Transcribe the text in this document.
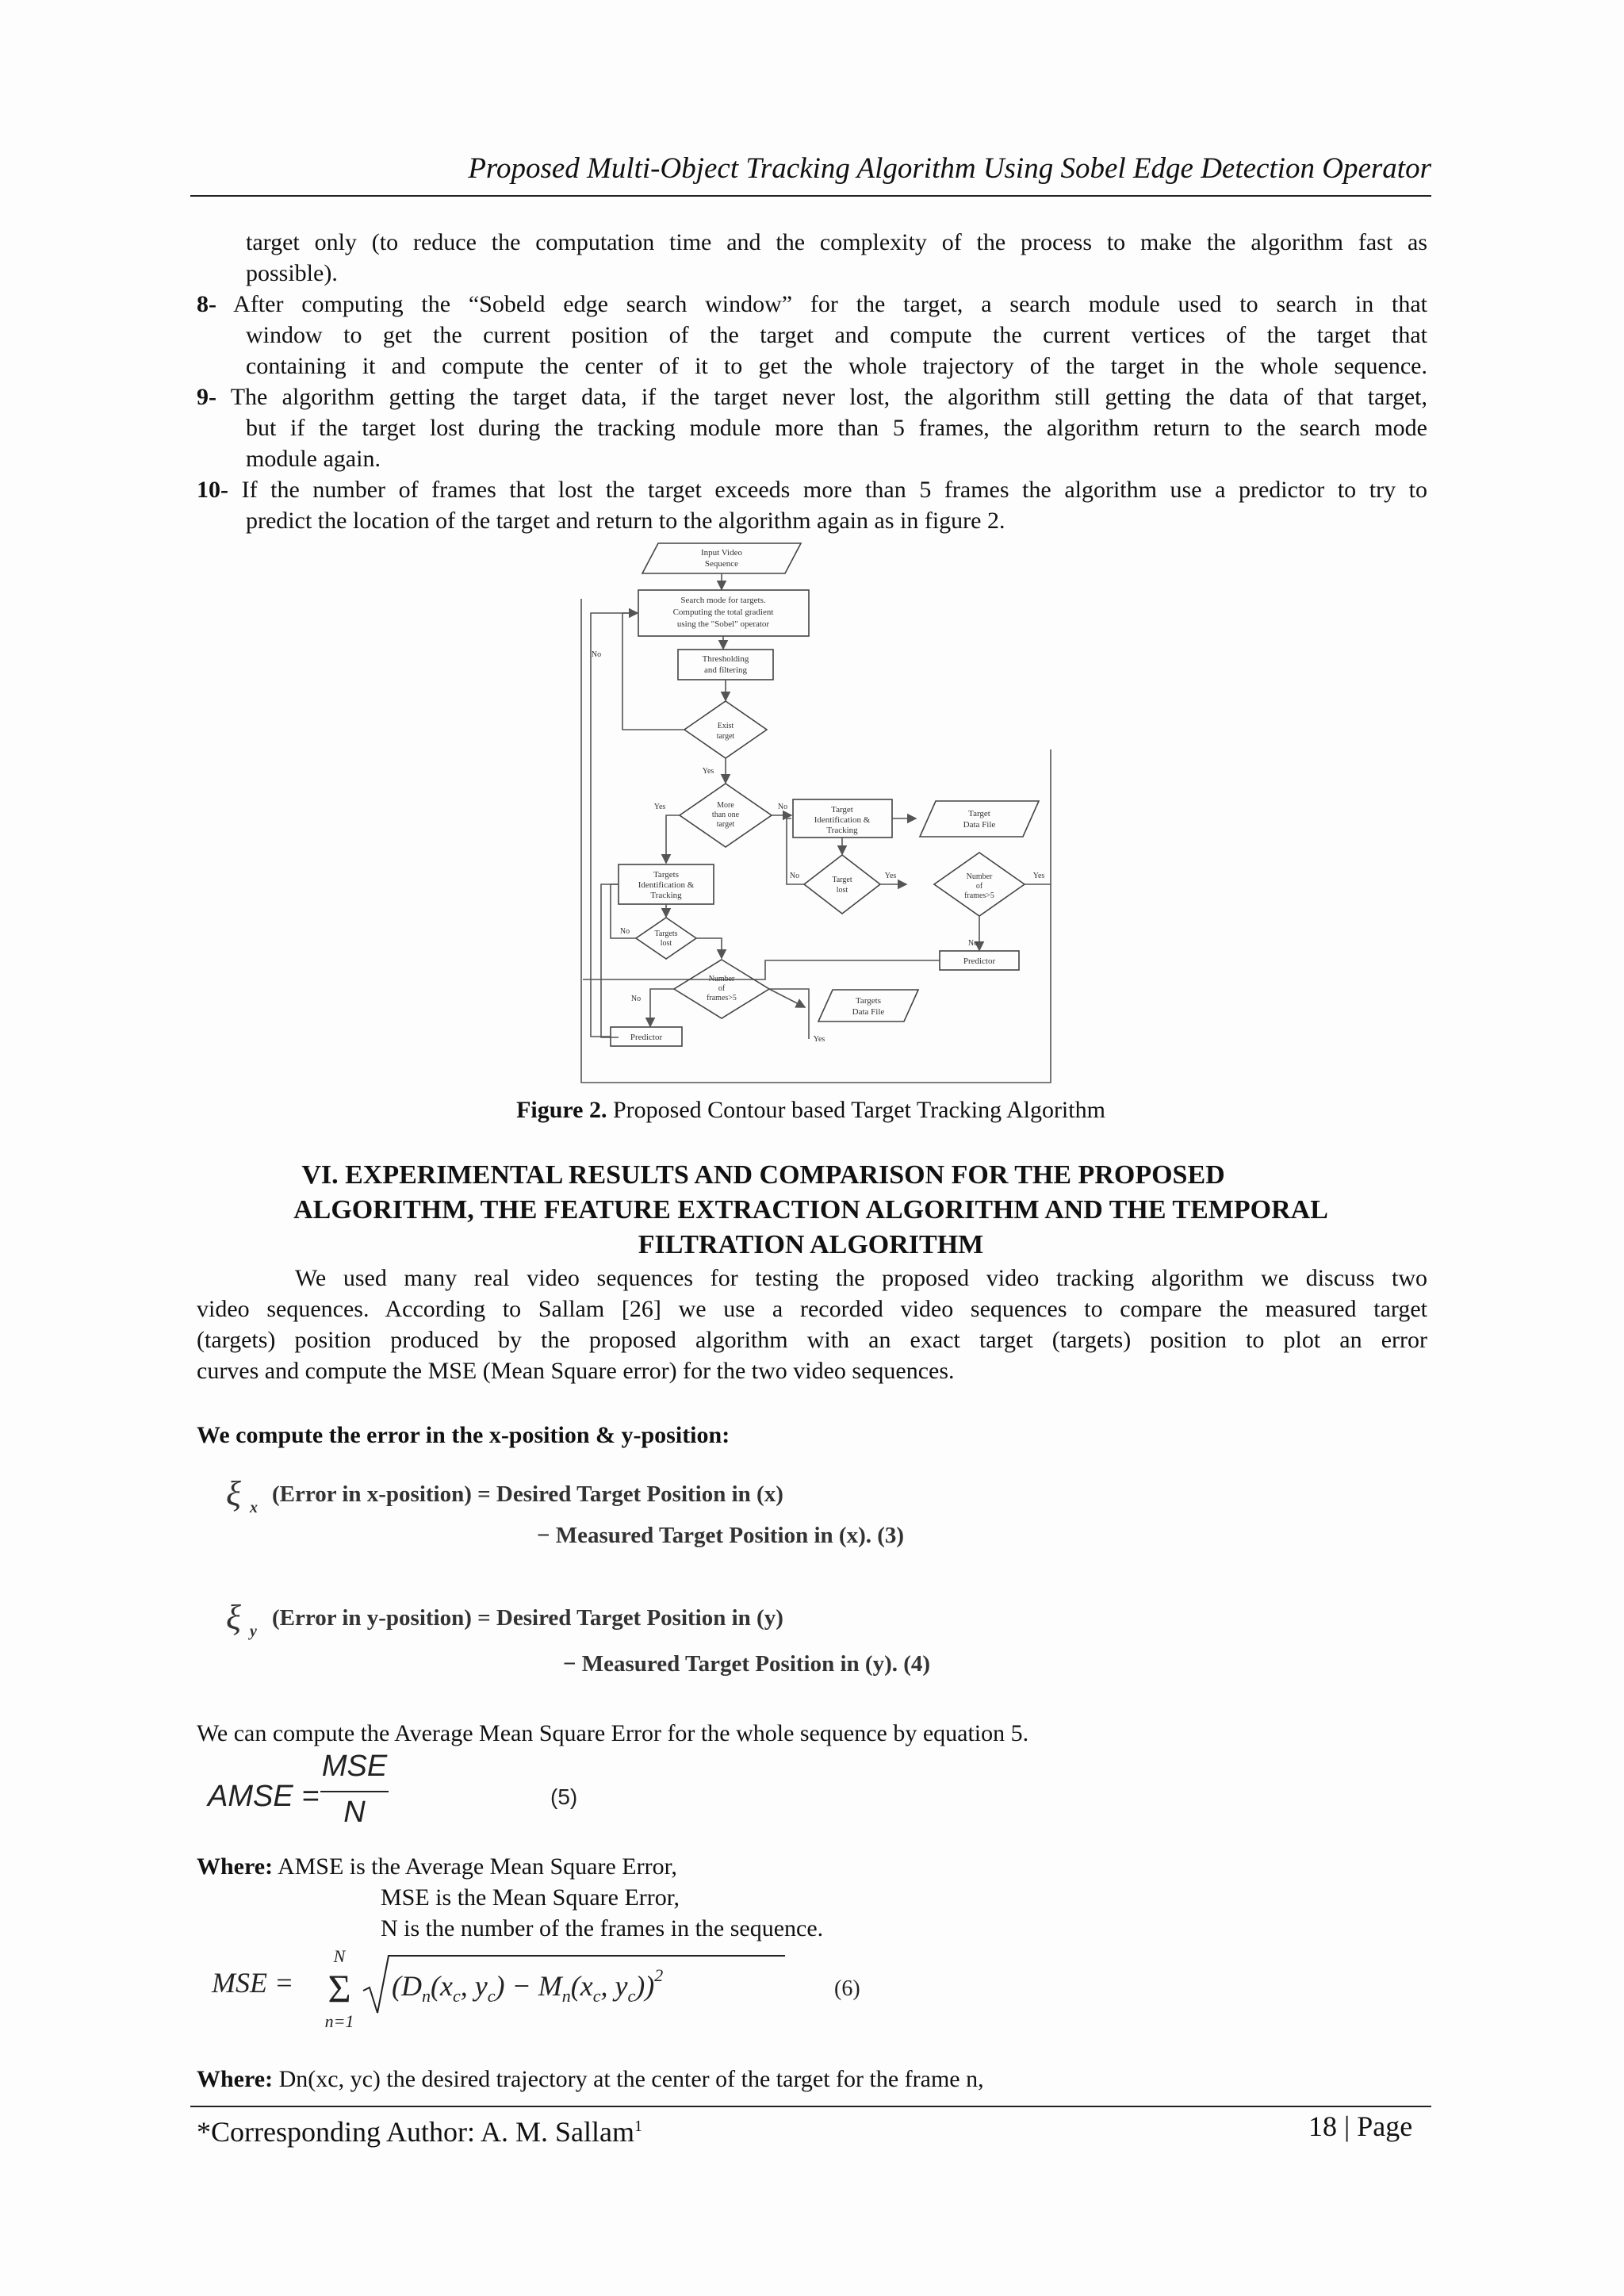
Proposed Multi-Object Tracking Algorithm Using Sobel Edge Detection Operator
target only (to reduce the computation time and the complexity of the process to make the algorithm fast as
possible).
8- After computing the “Sobeld edge search window” for the target, a search module used to search in that
window to get the current position of the target and compute the current vertices of the target that
containing it and compute the center of it to get the whole trajectory of the target in the whole sequence.
9- The algorithm getting the target data, if the target never lost, the algorithm still getting the data of that target,
but if the target lost during the tracking module more than 5 frames, the algorithm return to the search mode
module again.
10- If the number of frames that lost the target exceeds more than 5 frames the algorithm use a predictor to try to
predict the location of the target and return to the algorithm again as in figure 2.
Input Video
Sequence
Search mode for targets.
Computing the total gradient
using the "Sobel" operator
Thresholding
and filtering
Exist
target
No
Yes
More
than one
target
Yes	No	Target
Identification &
Tracking
Target
Data File
Target
lost
No	Yes	Number
of
frames>5
Yes
No
Predictor
Targets
Identification &
Tracking
Targets
lost
No
Number
of
frames>5
No
Yes
Targets
Data File
Predictor
Figure 2. Proposed Contour based Target Tracking Algorithm
VI. EXPERIMENTAL RESULTS AND COMPARISON FOR THE PROPOSED
ALGORITHM, THE FEATURE EXTRACTION ALGORITHM AND THE TEMPORAL
FILTRATION ALGORITHM
We used many real video sequences for testing the proposed video tracking algorithm we discuss two
video sequences. According to Sallam [26] we use a recorded video sequences to compare the measured target
(targets) position produced by the proposed algorithm with an exact target (targets) position to plot an error
curves and compute the MSE (Mean Square error) for the two video sequences.
We compute the error in the x-position & y-position:
ξ x
(Error in x-position) = Desired Target Position in (x)
− Measured Target Position in (x). (3)
ξ y
(Error in y-position) = Desired Target Position in (y)
− Measured Target Position in (y). (4)
We can compute the Average Mean Square Error for the whole sequence by equation 5.
AMSE =
MSE
N	(5)
Where: AMSE is the Average Mean Square Error,
MSE is the Mean Square Error,
N is the number of the frames in the sequence.
MSE =
N
Σ
n=1
($D_n(x_c$, $y_c) - M_n(x_c$, $y_c))^2$
(6)
Where: Dn(xc, yc) the desired trajectory at the center of the target for the frame n,
*Corresponding Author: A. M. Sallam$^1$	18 | Page
